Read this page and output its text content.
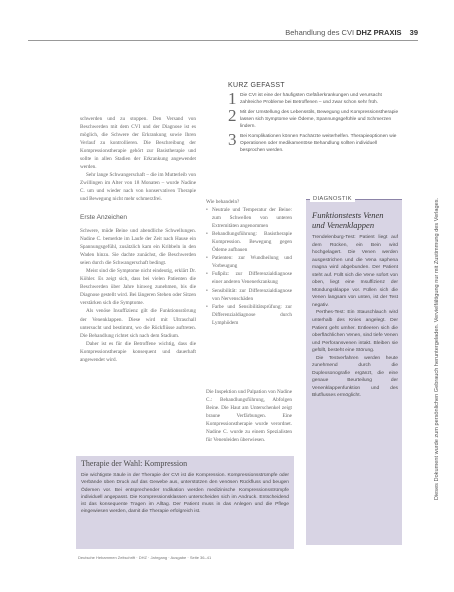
Behandlung des CVI DHZ PRAXIS 39

schwerden und zu stoppen. Den Versand von Beschwerden mit dem CVI und der Diagnose ist es möglich, die Schwere der Erkrankung sowie Ihren Verlauf zu kontrollieren. Die Beschreibung der Kompressionstherapie gehört zur Basistherapie und sollte in allen Stadien der Erkrankung angewendet werden.

Sehr lange Schwangerschaft – die im Mutterleib von Zwillingen im Alter von 18 Monaten – wurde Nadine C. um und wieder nach von konservativen Therapie und Bewegung nicht mehr schmerzfrei.

Erste Anzeichen

Schwere, müde Beine und abendliche Schwellungen. Nadine C. bemerkte im Laufe der Zeit nach Hause ein Spannungsgefühl, zusätzlich kam ein Kribbeln in den Waden hinzu. Sie dachte zunächst, die Beschwerden seien durch die Schwangerschaft bedingt.

Meist sind die Symptome nicht eindeutig, erklärt Dr. Köhler. Es zeigt sich, dass bei vielen Patienten die Beschwerden über Jahre hinweg zunehmen, bis die Diagnose gestellt wird. Bei längeren Stehen oder Sitzen verstärken sich die Symptome.

Als venöse Insuffizienz gilt die Funktionsstörung der Venenklappen. Diese wird mit Ultraschall untersucht und bestimmt, wo die Rückflüsse auftreten. Die Behandlung richtet sich nach dem Stadium.

Daher ist es für die Betroffene wichtig, dass die Kompressionstherapie konsequent und dauerhaft angewendet wird.

KURZ GEFASST
1 Die CVI ist eine der häufigsten Gefäßerkrankungen und verursacht zahlreiche Probleme bei Betroffenen – und zwar schon sehr früh.
2 Mit der Umstellung des Lebensstils, Bewegung und Kompressionstherapie lassen sich Symptome wie Ödeme, Spannungsgefühle und Schmerzen lindern.
3 Bei Komplikationen können Fachärzte weiterhelfen. Therapieoptionen wie Operationen oder medikamentöse Behandlung sollten individuell besprochen werden.

Wie behandeln?

• Neutrale und Temperatur der Beine: zum Schwellen von unteren Extremitäten angenommen
• Behandlungsführung: Basistherapie Kompression. Bewegung gegen Ödeme aufbauen
• Patienten: zur Wundheilung und Vorbeugung
• Fußpilz: zur Differenzialdiagnose einer anderen Venenerkrankung
• Sensibilität: zur Differenzialdiagnose von Nervenschäden
• Farbe und Sensibilitätsprüfung: zur Differenzialdiagnose durch Lymphödem

Die Inspektion und Palpation von Nadine C.: Behandlungsführung, Abfolgen Beine. Die Haut am Unterschenkel zeigt braune Verfärbungen. Eine Kompressionstherapie wurde verordnet. Nadine C. wurde zu einem Spezialisten für Venenleiden überwiesen.

DIAGNOSTIK
Funktionstests Venen und Venenklappen

Trendelenburg-Test: Patient liegt auf dem Rücken, ein Bein wird hochgelagert. Die Venen werden ausgestrichen und die Vena saphena magna wird abgebunden. Der Patient steht auf. Füllt sich die Vene sofort von oben, liegt eine Insuffizienz der Mündungsklappe vor. Füllen sich die Venen langsam von unten, ist der Test negativ.

Perthes-Test: Ein Stauschlauch wird unterhalb des Knies angelegt. Der Patient geht umher. Entleeren sich die oberflächlichen Venen, sind tiefe Venen und Perforansvenen intakt. Bleiben sie gefüllt, besteht eine Störung.

Die Testverfahren werden heute zunehmend durch die Duplexsonografie ergänzt, die eine genaue Beurteilung der Venenklappenfunktion und des Blutflusses ermöglicht.

Therapie der Wahl: Kompression
Die wichtigste Säule in der Therapie der CVI ist die Kompression. Kompressionsstrümpfe oder Verbände üben Druck auf das Gewebe aus, unterstützen den venösen Rückfluss und beugen Ödemen vor. Bei entsprechender Indikation werden medizinische Kompressionsstrümpfe individuell angepasst. Die Kompressionsklassen unterscheiden sich im Andruck. Entscheidend ist das konsequente Tragen im Alltag. Der Patient muss in das Anlegen und die Pflege eingewiesen werden, damit die Therapie erfolgreich ist.
Deutsche Hebammen Zeitschrift · DHZ · Jahrgang · Ausgabe · Seite 36–41
Dieses Dokument wurde zum persönlichen Gebrauch heruntergeladen. Vervielfältigung nur mit Zustimmung des Verlages.
